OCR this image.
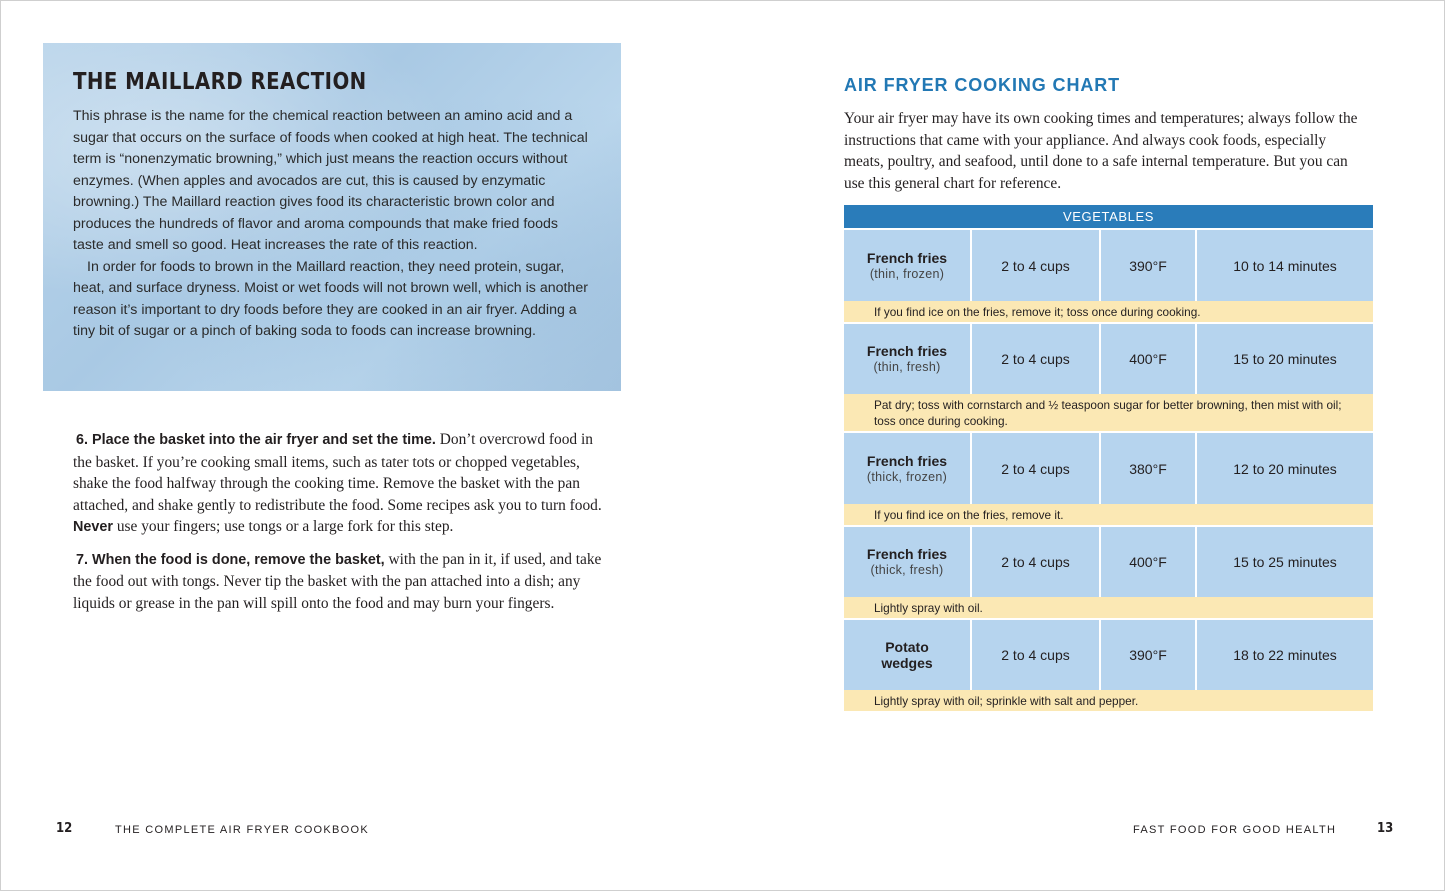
THE MAILLARD REACTION

This phrase is the name for the chemical reaction between an amino acid and a sugar that occurs on the surface of foods when cooked at high heat. The technical term is “nonenzymatic browning,” which just means the reaction occurs without enzymes. (When apples and avocados are cut, this is caused by enzymatic browning.) The Maillard reaction gives food its characteristic brown color and produces the hundreds of flavor and aroma compounds that make fried foods taste and smell so good. Heat increases the rate of this reaction.

In order for foods to brown in the Maillard reaction, they need protein, sugar, heat, and surface dryness. Moist or wet foods will not brown well, which is another reason it’s important to dry foods before they are cooked in an air fryer. Adding a tiny bit of sugar or a pinch of baking soda to foods can increase browning.

6. Place the basket into the air fryer and set the time. Don’t overcrowd food in the basket. If you’re cooking small items, such as tater tots or chopped vegetables, shake the food halfway through the cooking time. Remove the basket with the pan attached, and shake gently to redistribute the food. Some recipes ask you to turn food. Never use your fingers; use tongs or a large fork for this step.

7. When the food is done, remove the basket, with the pan in it, if used, and take the food out with tongs. Never tip the basket with the pan attached into a dish; any liquids or grease in the pan will spill onto the food and may burn your fingers.

12	THE COMPLETE AIR FRYER COOKBOOK
AIR FRYER COOKING CHART
Your air fryer may have its own cooking times and temperatures; always follow the instructions that came with your appliance. And always cook foods, especially meats, poultry, and seafood, until done to a safe internal temperature. But you can use this general chart for reference.
VEGETABLES
French fries
(thin, frozen)	2 to 4 cups	390°F	10 to 14 minutes
If you find ice on the fries, remove it; toss once during cooking.
French fries
(thin, fresh)	2 to 4 cups	400°F	15 to 20 minutes
Pat dry; toss with cornstarch and ½ teaspoon sugar for better browning, then mist with oil; toss once during cooking.
French fries
(thick, frozen)	2 to 4 cups	380°F	12 to 20 minutes
If you find ice on the fries, remove it.
French fries
(thick, fresh)	2 to 4 cups	400°F	15 to 25 minutes
Lightly spray with oil.
Potato wedges	2 to 4 cups	390°F	18 to 22 minutes
Lightly spray with oil; sprinkle with salt and pepper.
FAST FOOD FOR GOOD HEALTH	13
